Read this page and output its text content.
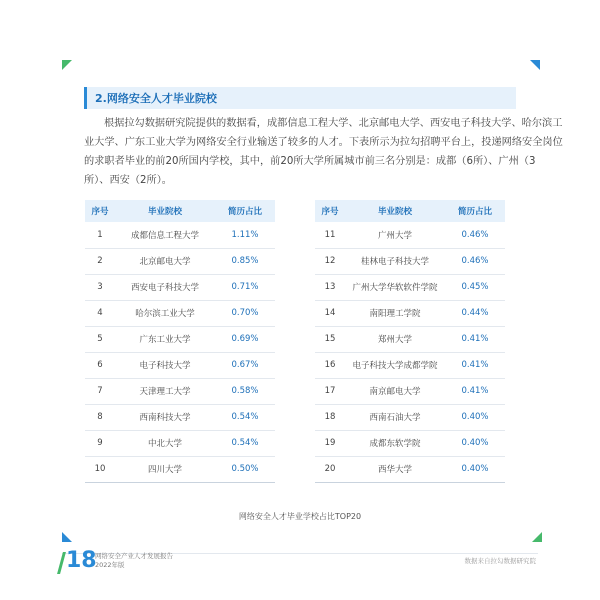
2.网络安全人才毕业院校
根据拉勾数据研究院提供的数据看，成都信息工程大学、北京邮电大学、西安电子科技大学、哈尔滨工
业大学、广东工业大学为网络安全行业输送了较多的人才。下表所示为拉勾招聘平台上，投递网络安全岗位
的求职者毕业的前20所国内学校，其中，前20所大学所属城市前三名分别是：成都（6所）、广州（3
所）、西安（2所）。
序号	毕业院校	简历占比
1	成都信息工程大学	1.11%
2	北京邮电大学	0.85%
3	西安电子科技大学	0.71%
4	哈尔滨工业大学	0.70%
5	广东工业大学	0.69%
6	电子科技大学	0.67%
7	天津理工大学	0.58%
8	西南科技大学	0.54%
9	中北大学	0.54%
10	四川大学	0.50%
序号	毕业院校	简历占比
11	广州大学	0.46%
12	桂林电子科技大学	0.46%
13	广州大学华软软件学院	0.45%
14	南阳理工学院	0.44%
15	郑州大学	0.41%
16	电子科技大学成都学院	0.41%
17	南京邮电大学	0.41%
18	西南石油大学	0.40%
19	成都东软学院	0.40%
20	西华大学	0.40%
网络安全人才毕业学校占比TOP20
18
网络安全产业人才发展报告
2022年版	数据来自拉勾数据研究院
